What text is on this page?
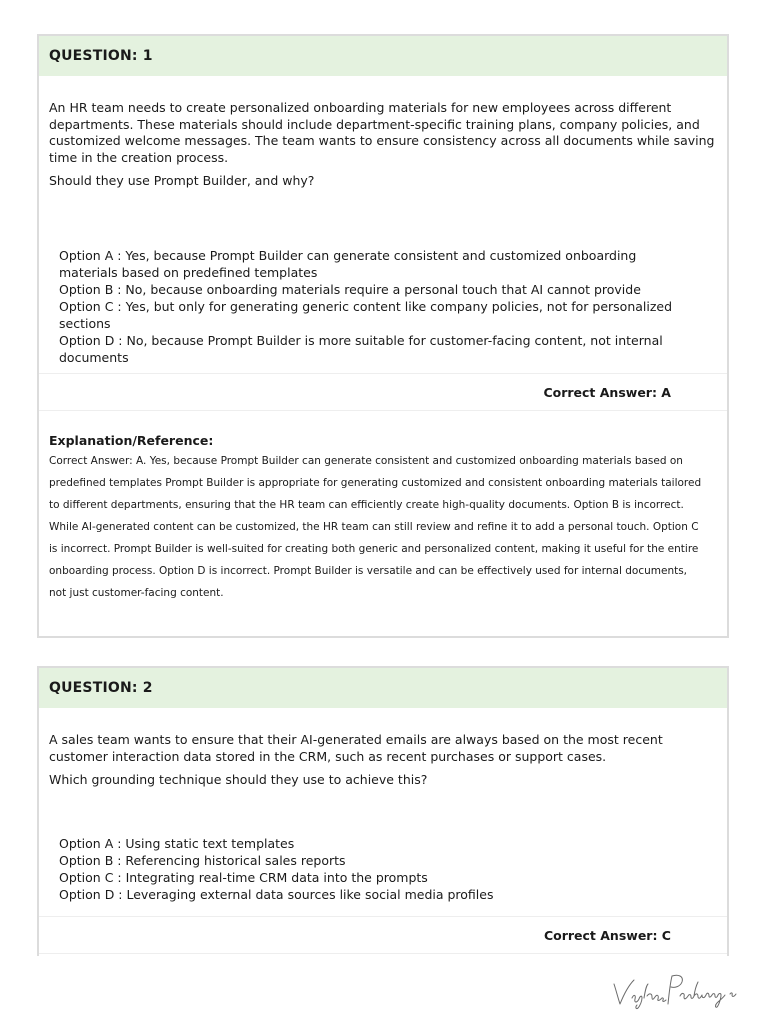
QUESTION: 1

An HR team needs to create personalized onboarding materials for new employees across different departments. These materials should include department-specific training plans, company policies, and customized welcome messages. The team wants to ensure consistency across all documents while saving time in the creation process.

Should they use Prompt Builder, and why?

Option A : Yes, because Prompt Builder can generate consistent and customized onboarding materials based on predefined templates
Option B : No, because onboarding materials require a personal touch that AI cannot provide
Option C : Yes, but only for generating generic content like company policies, not for personalized sections
Option D : No, because Prompt Builder is more suitable for customer-facing content, not internal documents
Correct Answer: A

Explanation/Reference:

Correct Answer: A. Yes, because Prompt Builder can generate consistent and customized onboarding materials based on predefined templates Prompt Builder is appropriate for generating customized and consistent onboarding materials tailored to different departments, ensuring that the HR team can efficiently create high-quality documents. Option B is incorrect. While AI-generated content can be customized, the HR team can still review and refine it to add a personal touch. Option C is incorrect. Prompt Builder is well-suited for creating both generic and personalized content, making it useful for the entire onboarding process. Option D is incorrect. Prompt Builder is versatile and can be effectively used for internal documents, not just customer-facing content.

QUESTION: 2

A sales team wants to ensure that their AI-generated emails are always based on the most recent customer interaction data stored in the CRM, such as recent purchases or support cases.

Which grounding technique should they use to achieve this?

Option A : Using static text templates
Option B : Referencing historical sales reports
Option C : Integrating real-time CRM data into the prompts
Option D : Leveraging external data sources like social media profiles
Correct Answer: C
